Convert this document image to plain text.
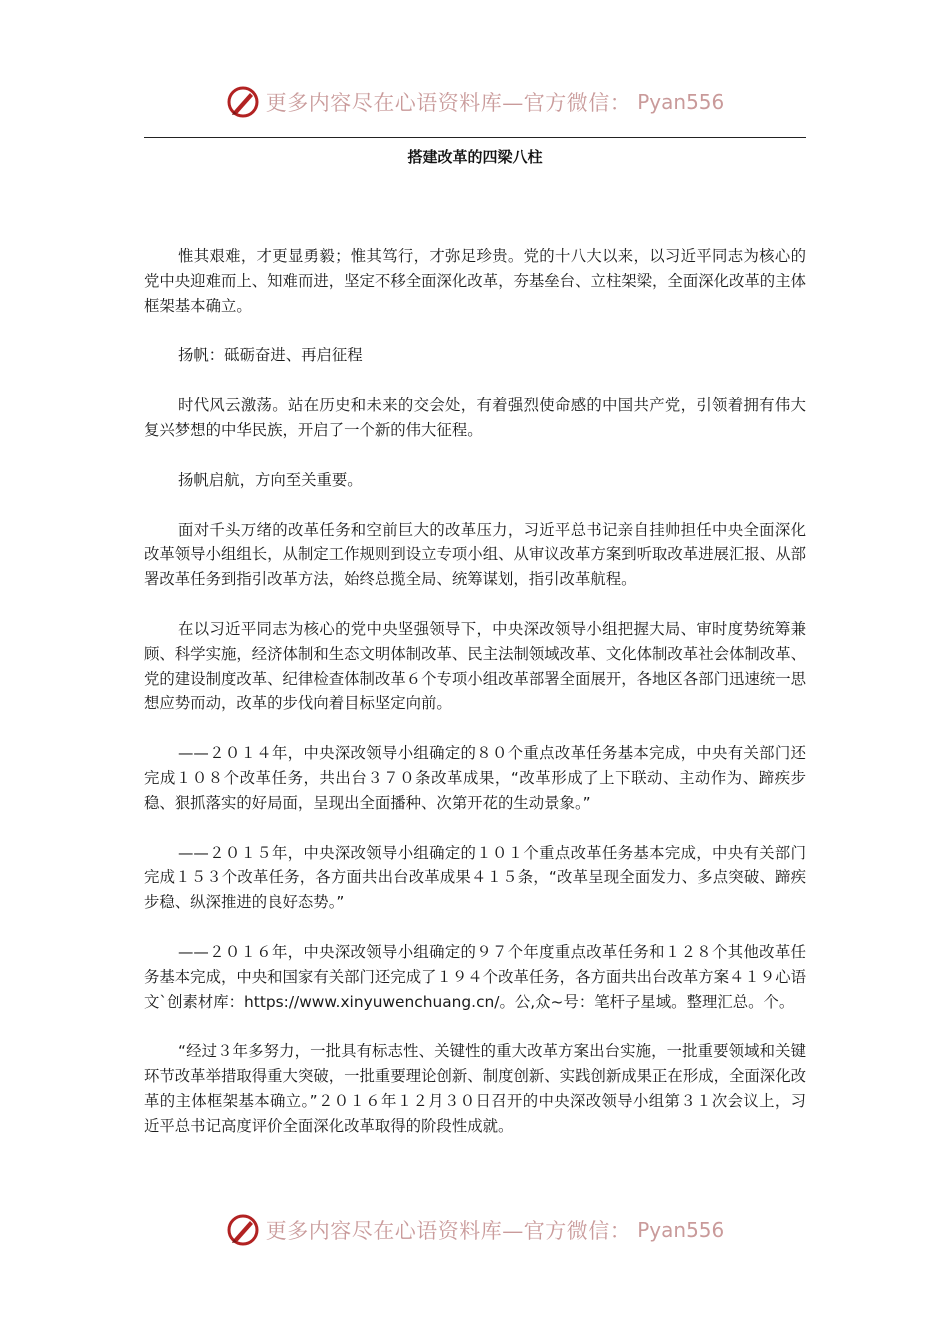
更多内容尽在心语资料库—官方微信： Pyan556
搭建改革的四梁八柱

惟其艰难，才更显勇毅；惟其笃行，才弥足珍贵。党的十八大以来，以习近平同志为核心的党中央迎难而上、知难而进，坚定不移全面深化改革，夯基垒台、立柱架梁，全面深化改革的主体框架基本确立。

扬帆：砥砺奋进、再启征程

时代风云激荡。站在历史和未来的交会处，有着强烈使命感的中国共产党，引领着拥有伟大复兴梦想的中华民族，开启了一个新的伟大征程。

扬帆启航，方向至关重要。

面对千头万绪的改革任务和空前巨大的改革压力，习近平总书记亲自挂帅担任中央全面深化改革领导小组组长，从制定工作规则到设立专项小组、从审议改革方案到听取改革进展汇报、从部署改革任务到指引改革方法，始终总揽全局、统筹谋划，指引改革航程。

在以习近平同志为核心的党中央坚强领导下，中央深改领导小组把握大局、审时度势统筹兼顾、科学实施，经济体制和生态文明体制改革、民主法制领域改革、文化体制改革社会体制改革、党的建设制度改革、纪律检查体制改革６个专项小组改革部署全面展开，各地区各部门迅速统一思想应势而动，改革的步伐向着目标坚定向前。

——２０１４年，中央深改领导小组确定的８０个重点改革任务基本完成，中央有关部门还完成１０８个改革任务，共出台３７０条改革成果，“改革形成了上下联动、主动作为、蹄疾步稳、狠抓落实的好局面，呈现出全面播种、次第开花的生动景象。”

——２０１５年，中央深改领导小组确定的１０１个重点改革任务基本完成，中央有关部门完成１５３个改革任务，各方面共出台改革成果４１５条，“改革呈现全面发力、多点突破、蹄疾步稳、纵深推进的良好态势。”

——２０１６年，中央深改领导小组确定的９７个年度重点改革任务和１２８个其他改革任务基本完成，中央和国家有关部门还完成了１９４个改革任务，各方面共出台改革方案４１９心语文`创素材库：https://www.xinyuwenchuang.cn/。公,众~号：笔杆子星域。整理汇总。个。

“经过３年多努力，一批具有标志性、关键性的重大改革方案出台实施，一批重要领域和关键环节改革举措取得重大突破，一批重要理论创新、制度创新、实践创新成果正在形成，全面深化改革的主体框架基本确立。”２０１６年１２月３０日召开的中央深改领导小组第３１次会议上，习近平总书记高度评价全面深化改革取得的阶段性成就。

更多内容尽在心语资料库—官方微信： Pyan556
